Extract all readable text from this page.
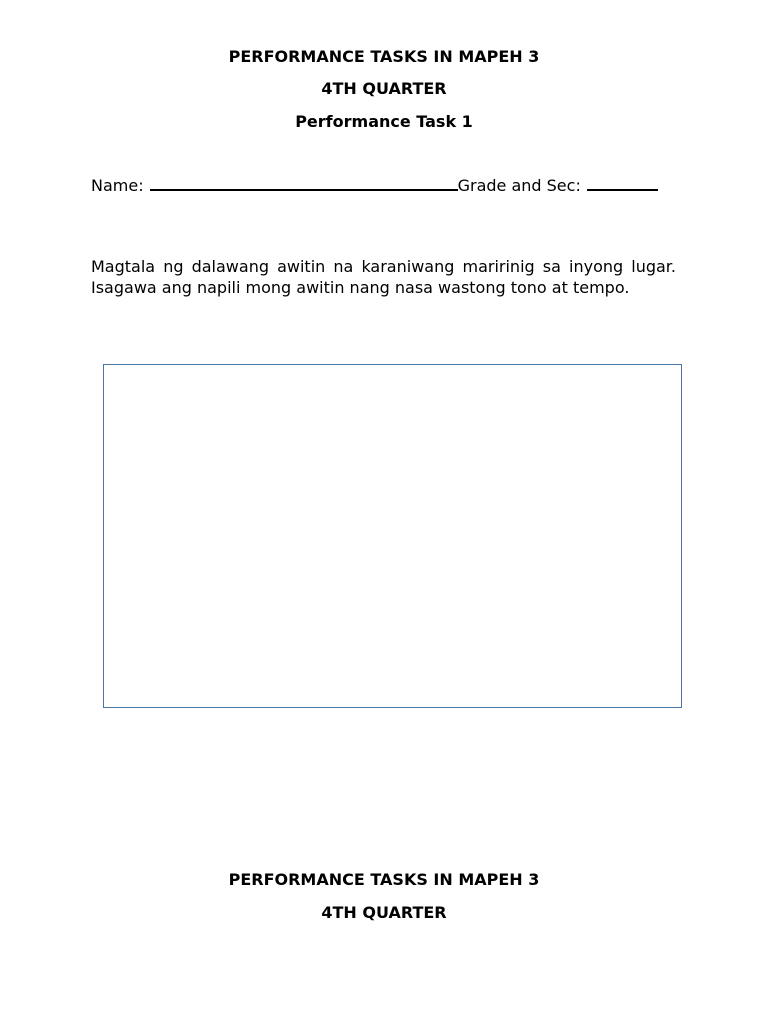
PERFORMANCE TASKS IN MAPEH 3
4TH QUARTER
Performance Task 1
Name:	Grade and Sec:

Magtala ng dalawang awitin na karaniwang maririnig sa inyong lugar. Isagawa ang napili mong awitin nang nasa wastong tono at tempo.

PERFORMANCE TASKS IN MAPEH 3
4TH QUARTER
